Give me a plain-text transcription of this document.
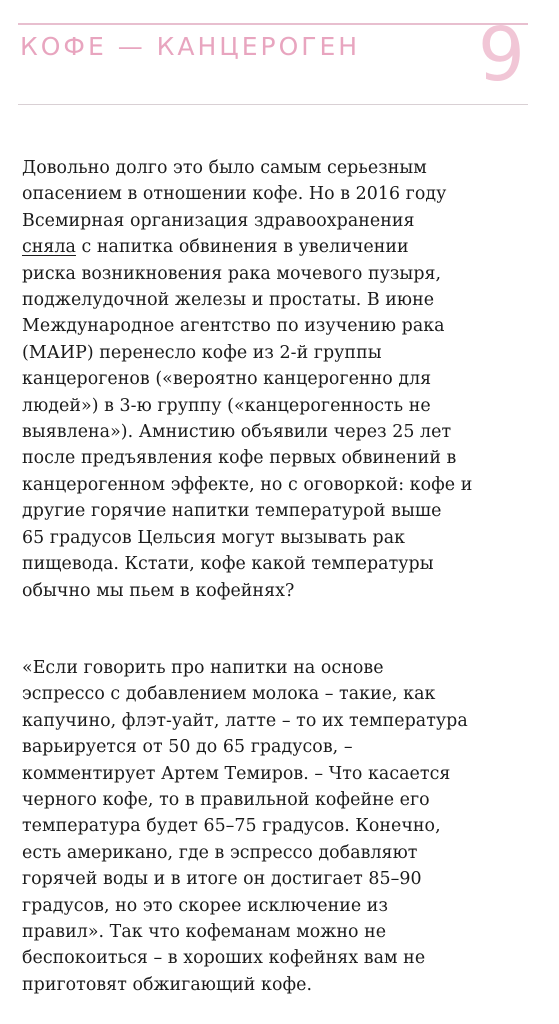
КОФЕ — КАНЦЕРОГЕН 9
Довольно долго это было самым серьезным
опасением в отношении кофе. Но в 2016 году
Всемирная организация здравоохранения
сняла с напитка обвинения в увеличении
риска возникновения рака мочевого пузыря,
поджелудочной железы и простаты. В июне
Международное агентство по изучению рака
(МАИР) перенесло кофе из 2-й группы
канцерогенов («вероятно канцерогенно для
людей») в 3-ю группу («канцерогенность не
выявлена»). Амнистию объявили через 25 лет
после предъявления кофе первых обвинений в
канцерогенном эффекте, но с оговоркой: кофе и
другие горячие напитки температурой выше
65 градусов Цельсия могут вызывать рак
пищевода. Кстати, кофе какой температуры
обычно мы пьем в кофейнях?
«Если говорить про напитки на основе
эспрессо с добавлением молока – такие, как
капучино, флэт-уайт, латте – то их температура
варьируется от 50 до 65 градусов, –
комментирует Артем Темиров. – Что касается
черного кофе, то в правильной кофейне его
температура будет 65–75 градусов. Конечно,
есть американо, где в эспрессо добавляют
горячей воды и в итоге он достигает 85–90
градусов, но это скорее исключение из
правил». Так что кофеманам можно не
беспокоиться – в хороших кофейнях вам не
приготовят обжигающий кофе.
